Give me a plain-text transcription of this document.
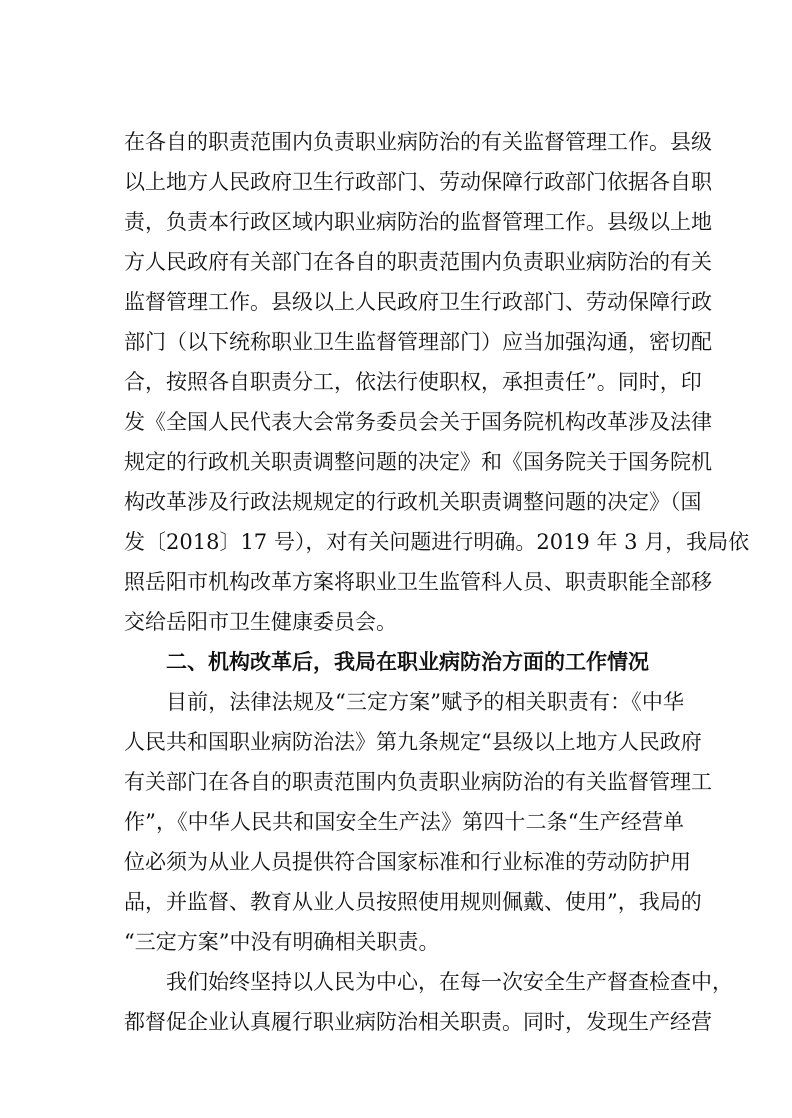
在各自的职责范围内负责职业病防治的有关监督管理工作。县级

以上地方人民政府卫生行政部门、劳动保障行政部门依据各自职

责，负责本行政区域内职业病防治的监督管理工作。县级以上地

方人民政府有关部门在各自的职责范围内负责职业病防治的有关

监督管理工作。县级以上人民政府卫生行政部门、劳动保障行政

部门（以下统称职业卫生监督管理部门）应当加强沟通，密切配

合，按照各自职责分工，依法行使职权，承担责任”。同时，印

发《全国人民代表大会常务委员会关于国务院机构改革涉及法律

规定的行政机关职责调整问题的决定》和《国务院关于国务院机

构改革涉及行政法规规定的行政机关职责调整问题的决定》（国

发〔2018〕17 号），对有关问题进行明确。2019 年 3 月，我局依

照岳阳市机构改革方案将职业卫生监管科人员、职责职能全部移

交给岳阳市卫生健康委员会。

二、机构改革后，我局在职业病防治方面的工作情况

目前，法律法规及“三定方案”赋予的相关职责有：《中华

人民共和国职业病防治法》第九条规定“县级以上地方人民政府

有关部门在各自的职责范围内负责职业病防治的有关监督管理工

作”，《中华人民共和国安全生产法》第四十二条“生产经营单

位必须为从业人员提供符合国家标准和行业标准的劳动防护用

品，并监督、教育从业人员按照使用规则佩戴、使用”，我局的

“三定方案”中没有明确相关职责。

我们始终坚持以人民为中心，在每一次安全生产督查检查中，

都督促企业认真履行职业病防治相关职责。同时，发现生产经营
